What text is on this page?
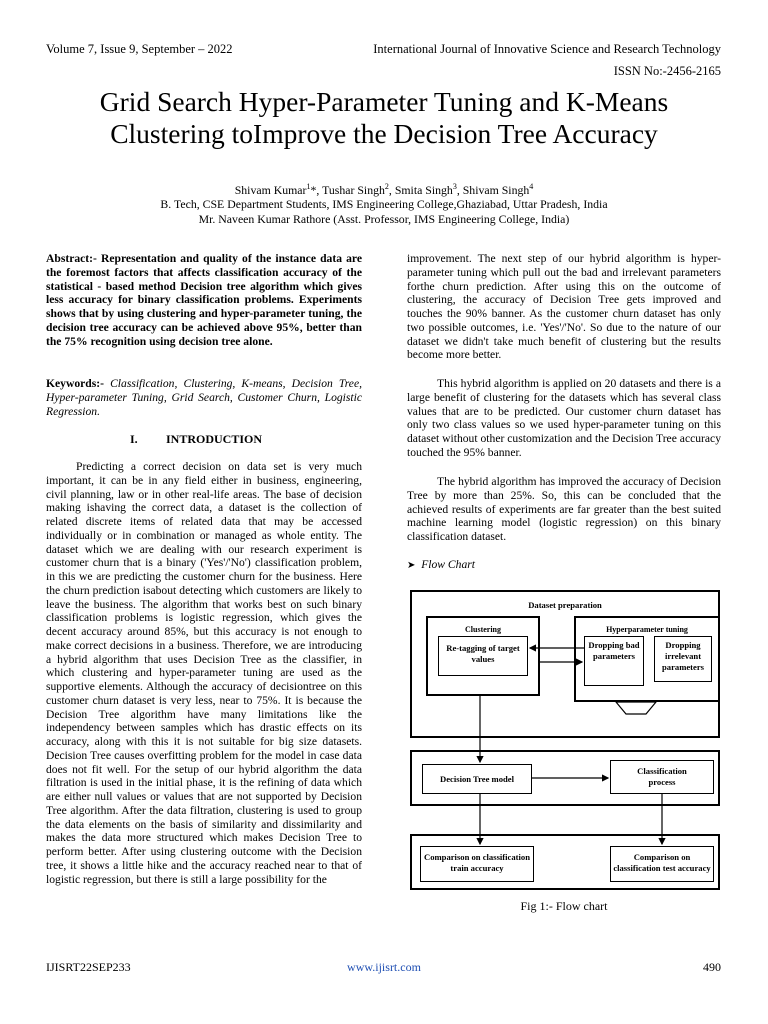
Volume 7, Issue 9, September – 2022	International Journal of Innovative Science and Research Technology
ISSN No:-2456-2165
Grid Search Hyper-Parameter Tuning and K-Means
Clustering toImprove the Decision Tree Accuracy
Shivam Kumar$^1$*, Tushar Singh$^2$, Smita Singh$^3$, Shivam Singh$^4$
B. Tech, CSE Department Students, IMS Engineering College,Ghaziabad, Uttar Pradesh, India
Mr. Naveen Kumar Rathore (Asst. Professor, IMS Engineering College, India)

Abstract:- Representation and quality of the instance data are the foremost factors that affects classification accuracy of the statistical - based method Decision tree algorithm which gives less accuracy for binary classification problems. Experiments shows that by using clustering and hyper-parameter tuning, the decision tree accuracy can be achieved above 95%, better than the 75% recognition using decision tree alone.

Keywords:- Classification, Clustering, K-means, Decision Tree, Hyper-parameter Tuning, Grid Search, Customer Churn, Logistic Regression.

I. INTRODUCTION

Predicting a correct decision on data set is very much important, it can be in any field either in business, engineering, civil planning, law or in other real-life areas. The base of decision making ishaving the correct data, a dataset is the collection of related discrete items of related data that may be accessed individually or in combination or managed as whole entity. The dataset which we are dealing with our research experiment is customer churn that is a binary ('Yes'/'No') classification problem, in this we are predicting the customer churn for the business. Here the churn prediction isabout detecting which customers are likely to leave the business. The algorithm that works best on such binary classification problems is logistic regression, which gives the decent accuracy around 85%, but this accuracy is not enough to make correct decisions in a business. Therefore, we are introducing a hybrid algorithm that uses Decision Tree as the classifier, in which clustering and hyper-parameter tuning are used as the supportive elements. Although the accuracy of decisiontree on this customer churn dataset is very less, near to 75%. It is because the Decision Tree algorithm have many limitations like the independency between samples which has drastic effects on its accuracy, along with this it is not suitable for big size datasets. Decision Tree causes overfitting problem for the model in case data does not fit well. For the setup of our hybrid algorithm the data filtration is used in the initial phase, it is the refining of data which are either null values or values that are not supported by Decision Tree algorithm. After the data filtration, clustering is used to group the data elements on the basis of similarity and dissimilarity and makes the data more structured which makes Decision Tree to perform better. After using clustering outcome with the Decision tree, it shows a little hike and the accuracy reached near to that of logistic regression, but there is still a large possibility for the

improvement. The next step of our hybrid algorithm is hyper-parameter tuning which pull out the bad and irrelevant parameters forthe churn prediction. After using this on the outcome of clustering, the accuracy of Decision Tree gets improved and touches the 90% banner. As the customer churn dataset has only two possible outcomes, i.e. 'Yes'/'No'. So due to the nature of our dataset we didn't take much benefit of clustering but the results become more better.

This hybrid algorithm is applied on 20 datasets and there is a large benefit of clustering for the datasets which has several class values that are to be predicted. Our customer churn dataset has only two class values so we used hyper-parameter tuning on this dataset without other customization and the Decision Tree accuracy touched the 95% banner.

The hybrid algorithm has improved the accuracy of Decision Tree by more than 25%. So, this can be concluded that the achieved results of experiments are far greater than the best suited machine learning model (logistic regression) on this binary classification dataset.

➤ Flow Chart
Dataset preparation
Clustering
Re-tagging of target values
Hyperparameter tuning
Dropping bad parameters
Dropping irrelevant parameters
Decision Tree model
Classification process
Comparison on classification train accuracy
Comparison on classification test accuracy
Fig 1:- Flow chart
IJISRT22SEP233	www.ijisrt.com	490
